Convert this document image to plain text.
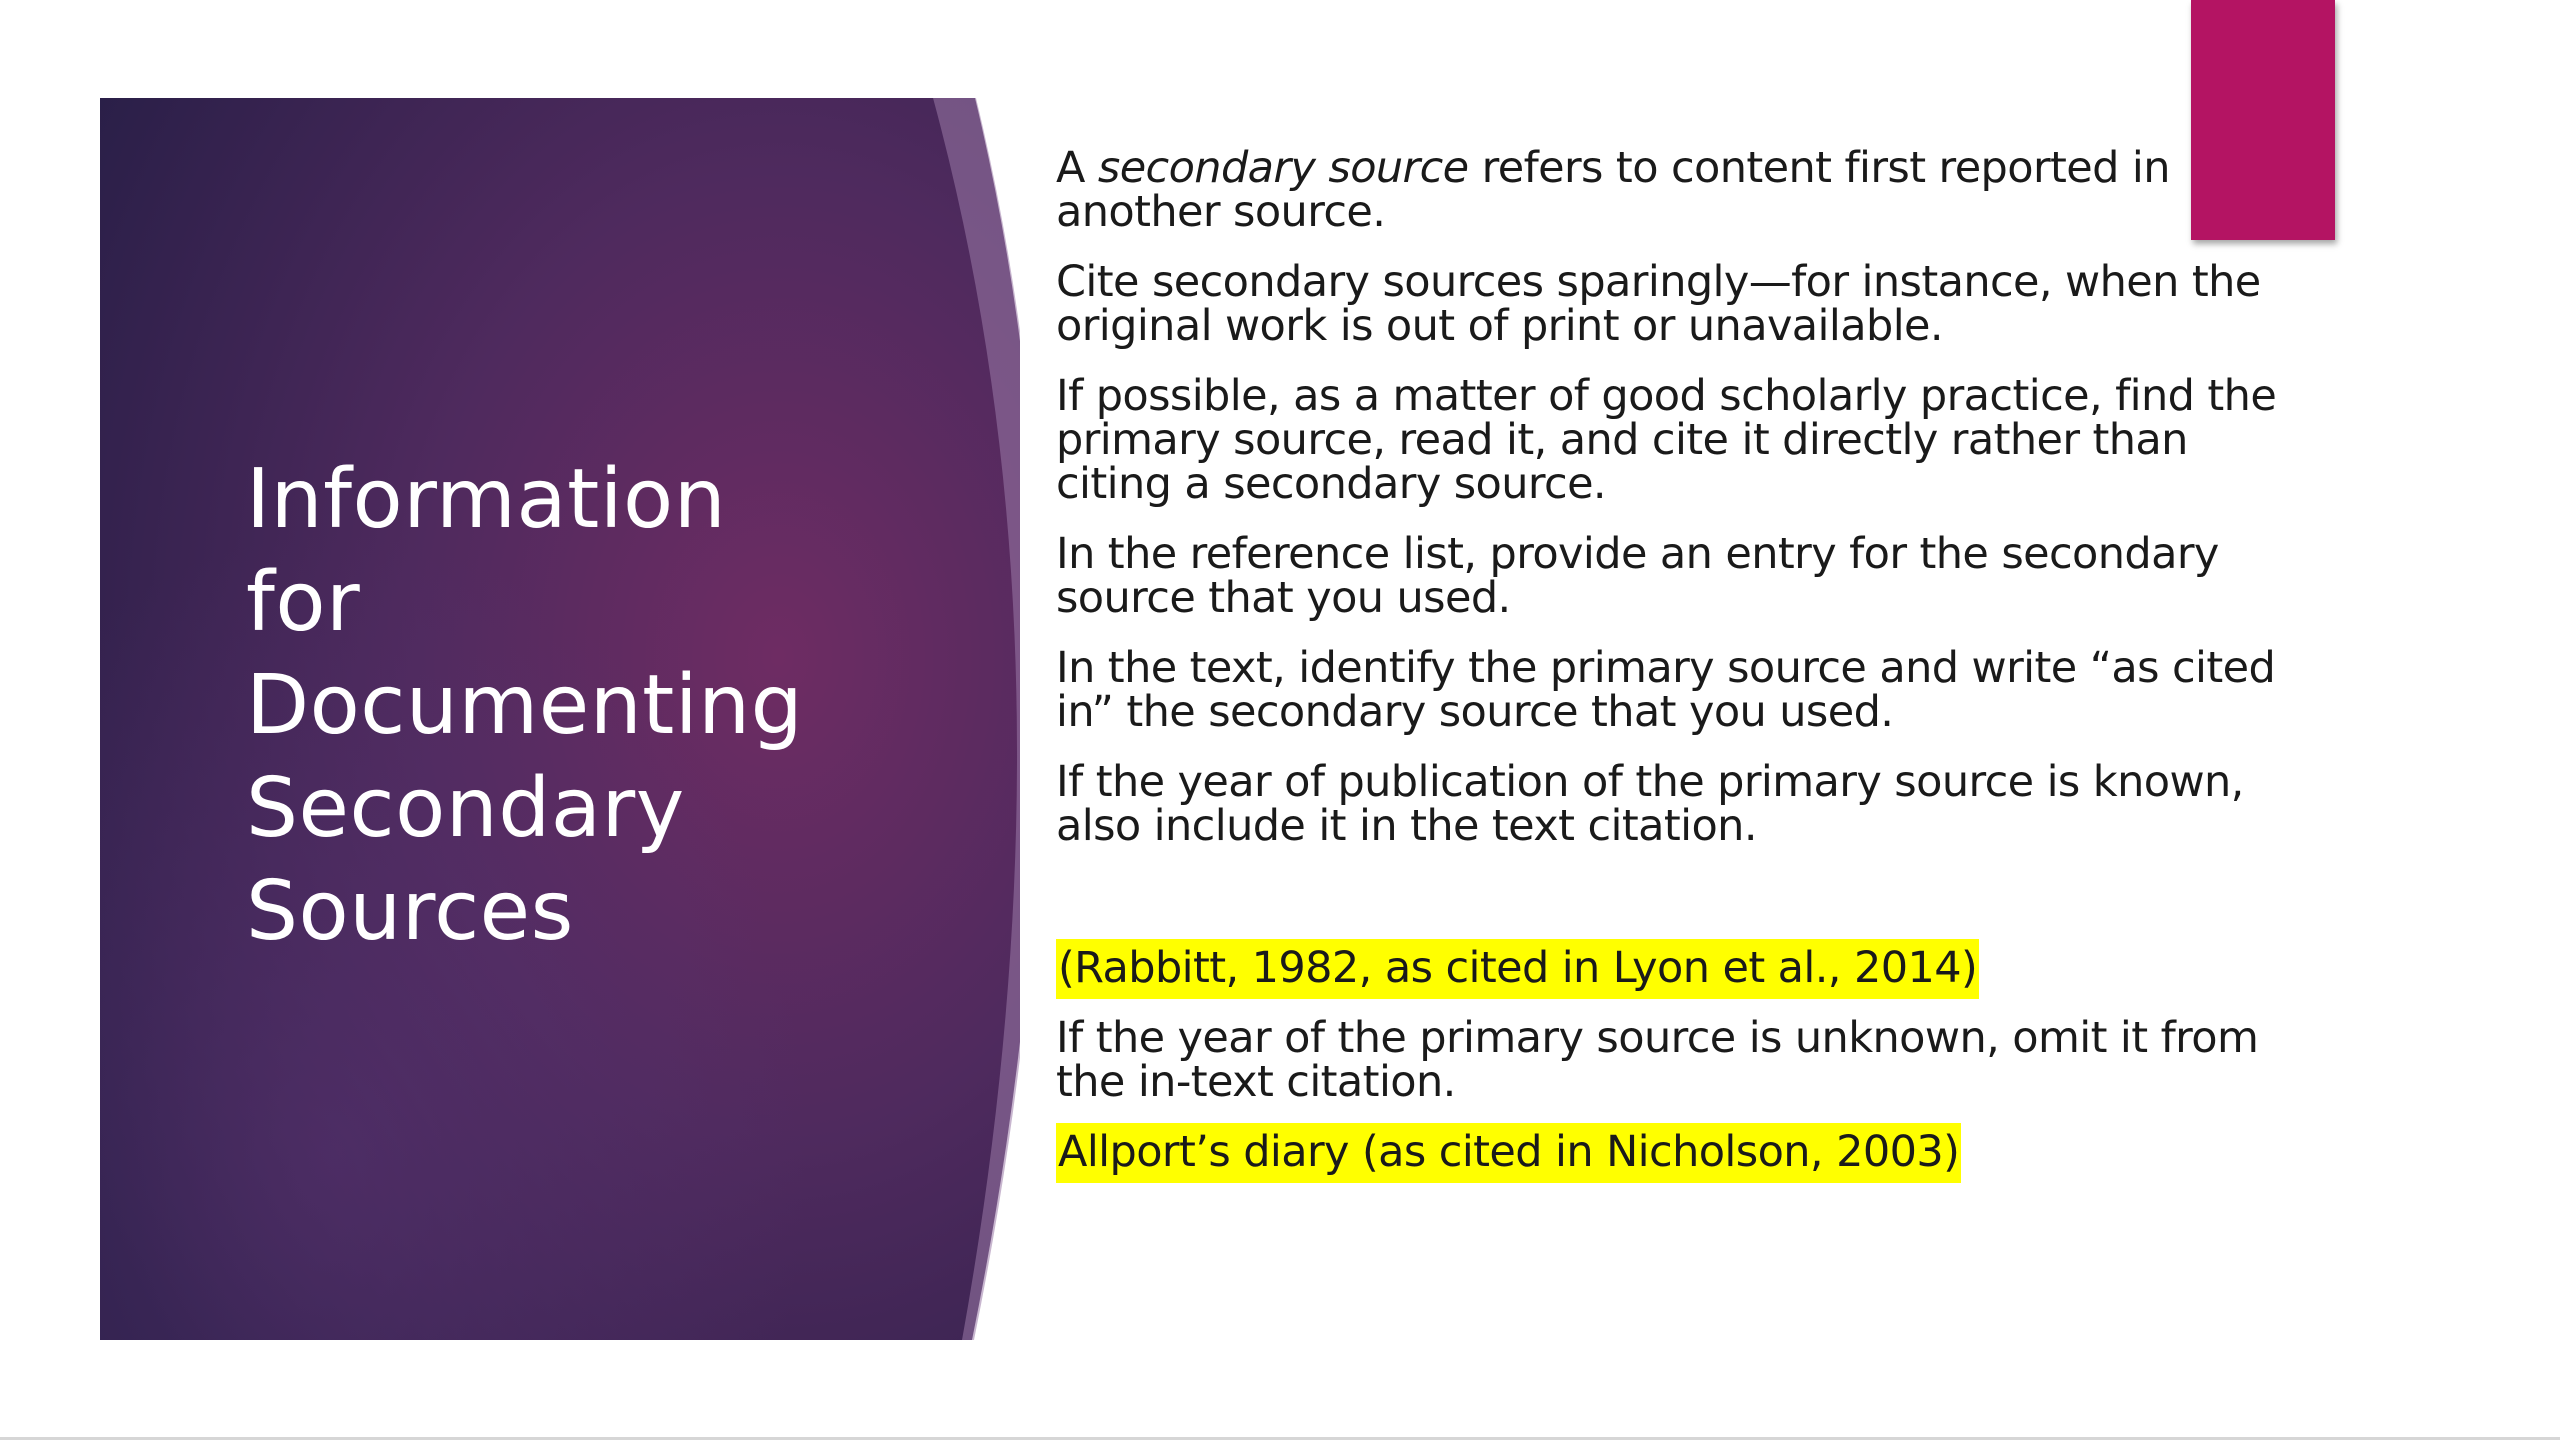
Information
for
Documenting
Secondary
Sources

A secondary source refers to content first reported in another source.

Cite secondary sources sparingly—for instance, when the original work is out of print or unavailable.

If possible, as a matter of good scholarly practice, find the primary source, read it, and cite it directly rather than citing a secondary source.

In the reference list, provide an entry for the secondary source that you used.

In the text, identify the primary source and write “as cited in” the secondary source that you used.

If the year of publication of the primary source is known, also include it in the text citation.

(Rabbitt, 1982, as cited in Lyon et al., 2014)

If the year of the primary source is unknown, omit it from the in-text citation.

Allport’s diary (as cited in Nicholson, 2003)
